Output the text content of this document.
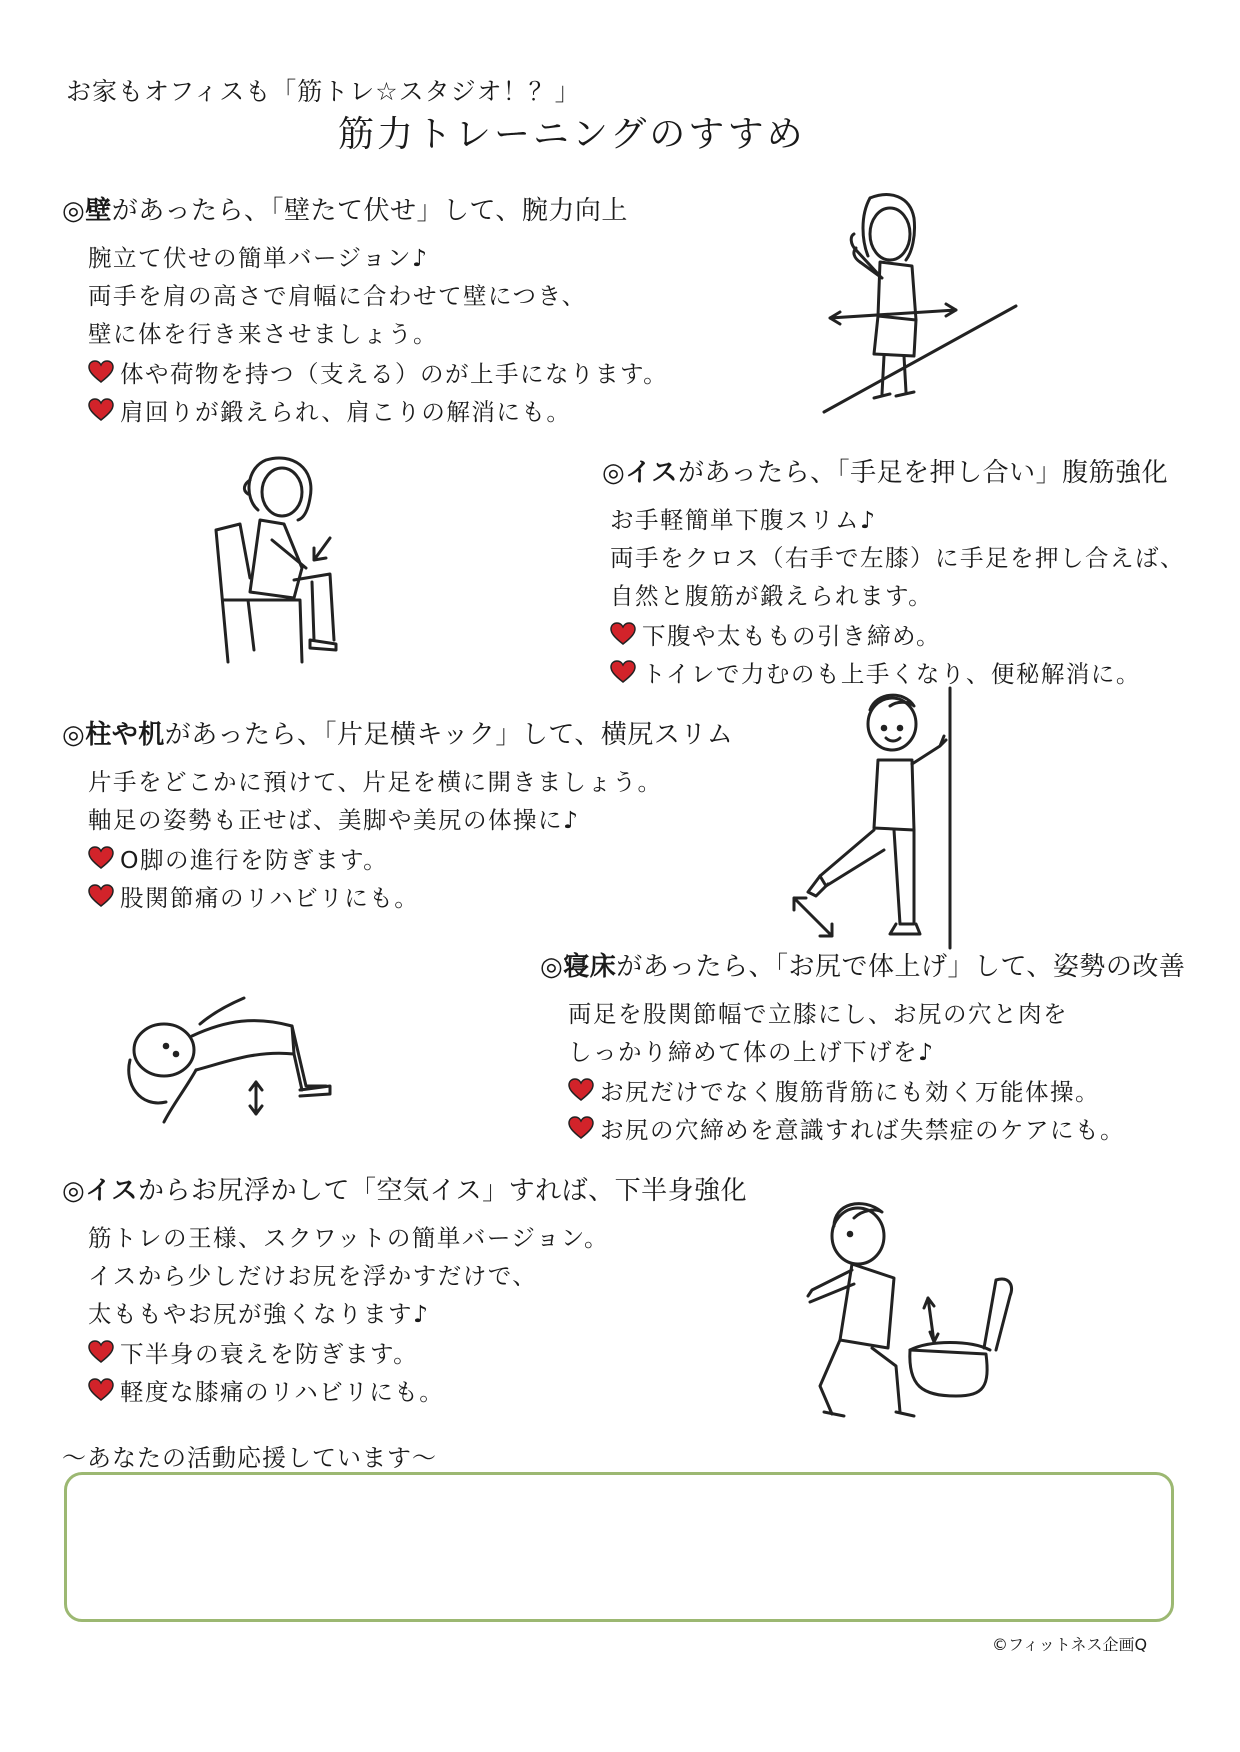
お家もオフィスも「筋トレ☆スタジオ！？」
筋力トレーニングのすすめ
◎壁があったら、「壁たて伏せ」して、腕力向上
腕立て伏せの簡単バージョン♪
両手を肩の高さで肩幅に合わせて壁につき、
壁に体を行き来させましょう。
体や荷物を持つ（支える）のが上手になります。
肩回りが鍛えられ、肩こりの解消にも。
◎イスがあったら、「手足を押し合い」腹筋強化
お手軽簡単下腹スリム♪
両手をクロス（右手で左膝）に手足を押し合えば、
自然と腹筋が鍛えられます。
下腹や太ももの引き締め。
トイレで力むのも上手くなり、便秘解消に。
◎柱や机があったら、「片足横キック」して、横尻スリム
片手をどこかに預けて、片足を横に開きましょう。
軸足の姿勢も正せば、美脚や美尻の体操に♪
O脚の進行を防ぎます。
股関節痛のリハビリにも。
◎寝床があったら、「お尻で体上げ」して、姿勢の改善
両足を股関節幅で立膝にし、お尻の穴と肉を
しっかり締めて体の上げ下げを♪
お尻だけでなく腹筋背筋にも効く万能体操。
お尻の穴締めを意識すれば失禁症のケアにも。
◎イスからお尻浮かして「空気イス」すれば、下半身強化
筋トレの王様、スクワットの簡単バージョン。
イスから少しだけお尻を浮かすだけで、
太ももやお尻が強くなります♪
下半身の衰えを防ぎます。
軽度な膝痛のリハビリにも。
～あなたの活動応援しています～
©フィットネス企画Q
